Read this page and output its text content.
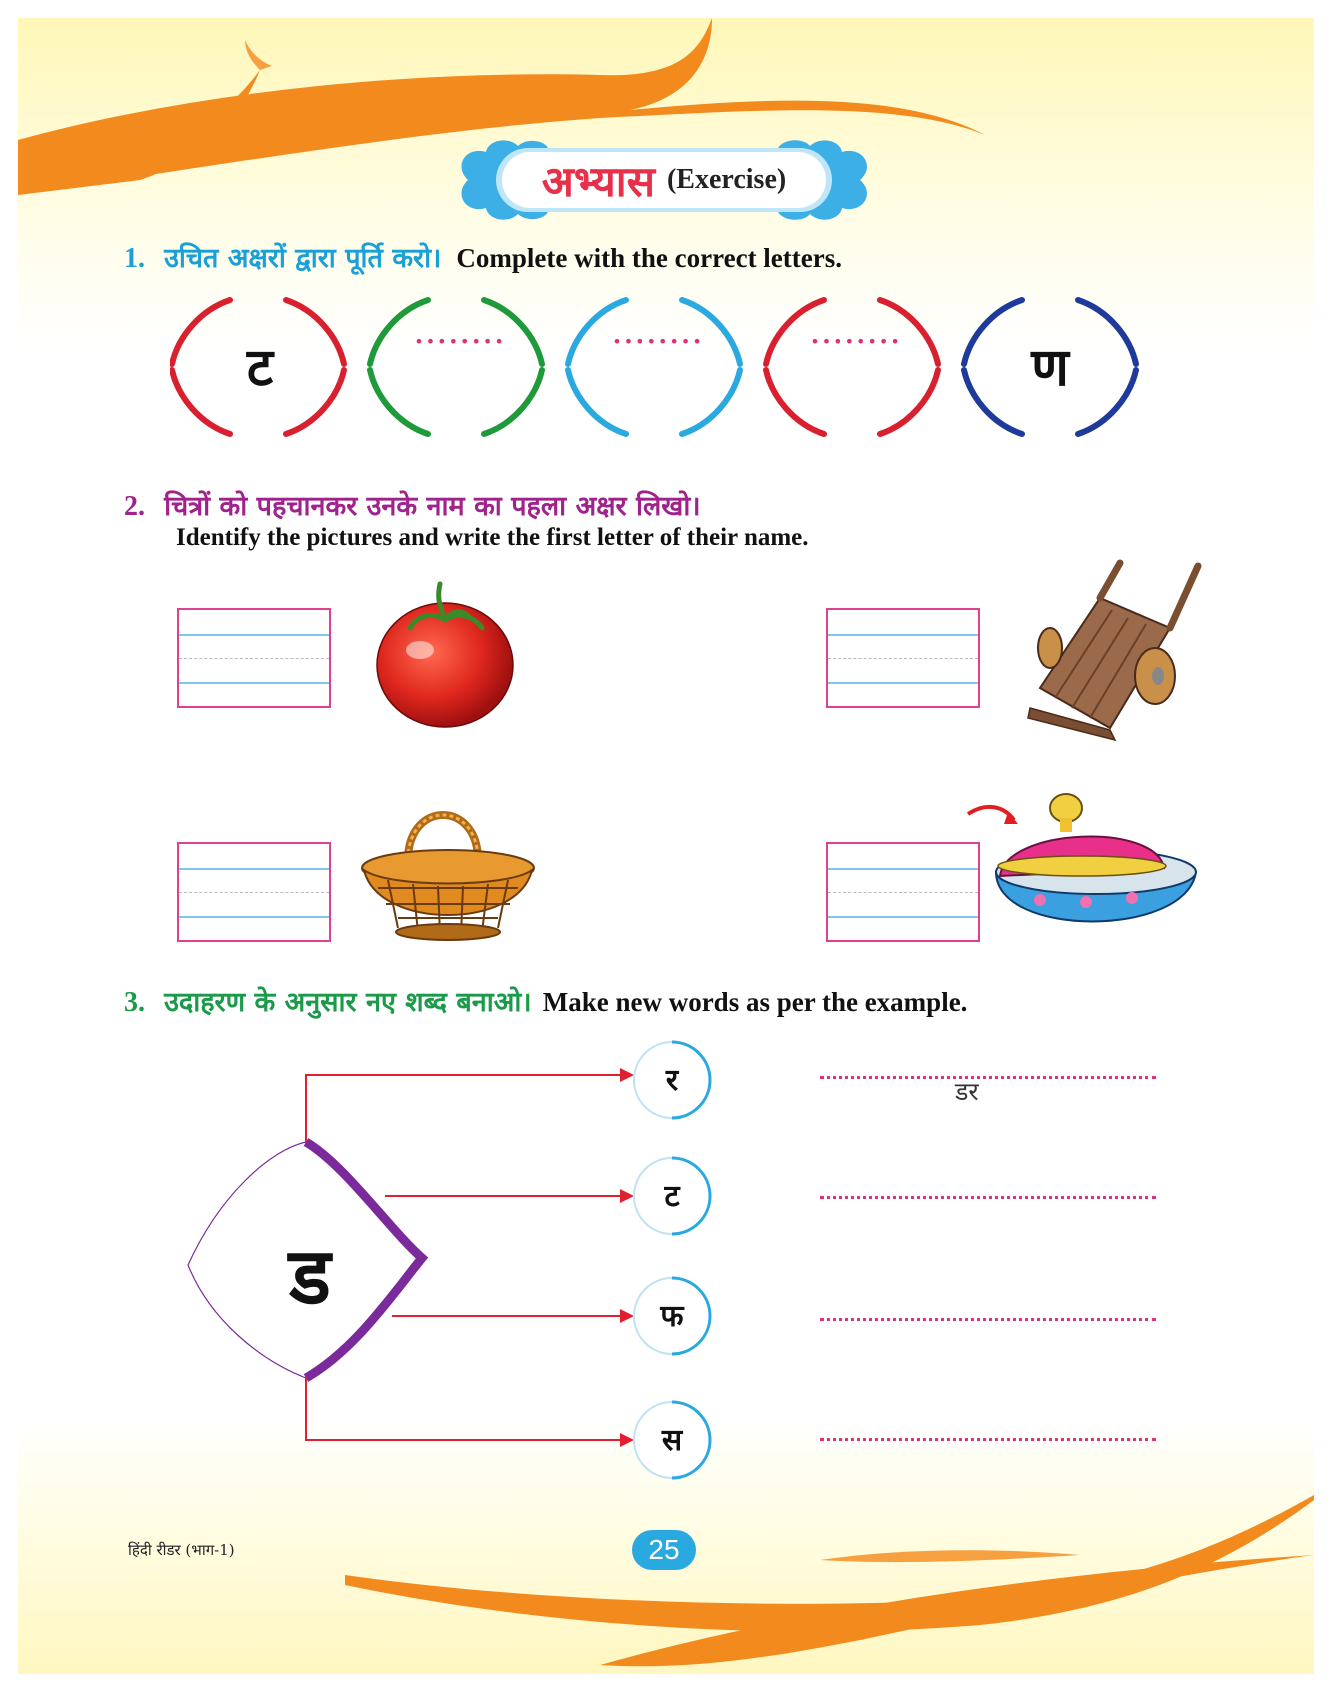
अभ्यास (Exercise)
1. उचित अक्षरों द्वारा पूर्ति करो। Complete with the correct letters.
ट	••••••••	••••••••	••••••••	ण
2. चित्रों को पहचानकर उनके नाम का पहला अक्षर लिखो।
Identify the pictures and write the first letter of their name.
3. उदाहरण के अनुसार नए शब्द बनाओ। Make new words as per the example.
ड
र
ट
फ
स
डर
हिंदी रीडर (भाग-1)	25
